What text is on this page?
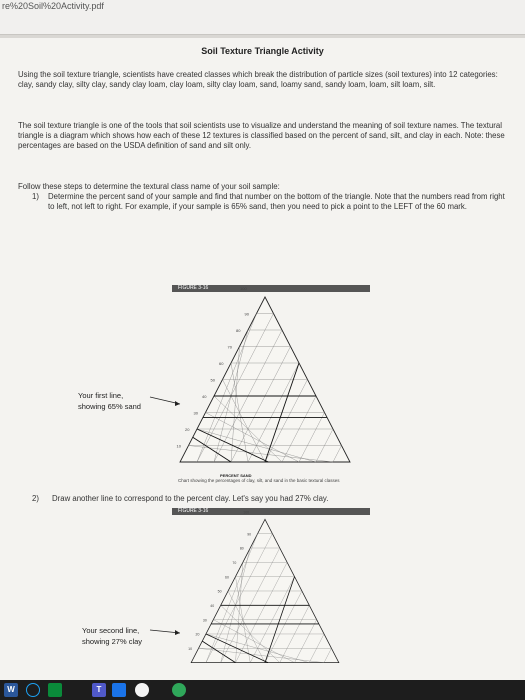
re%20Soil%20Activity.pdf
Soil Texture Triangle Activity
Using the soil texture triangle, scientists have created classes which break the distribution of particle sizes (soil textures) into 12 categories: clay, sandy clay, silty clay, sandy clay loam, clay loam, silty clay loam, sand, loamy sand, sandy loam, loam, silt loam, silt.
The soil texture triangle is one of the tools that soil scientists use to visualize and understand the meaning of soil texture names. The textural triangle is a diagram which shows how each of these 12 textures is classified based on the percent of sand, silt, and clay in each. Note: these percentages are based on the USDA definition of sand and silt only.
Follow these steps to determine the textural class name of your soil sample:
1) Determine the percent sand of your sample and find that number on the bottom of the triangle. Note that the numbers read from right to left, not left to right. For example, if your sample is 65% sand, then you need to pick a point to the LEFT of the 60 mark.
FIGURE 3-16
90
80
70
60
50
40
30
20
10
100
PERCENT SAND
Your first line,
showing 65% sand
Chart showing the percentages of clay, silt, and sand in the basic textural classes
2) Draw another line to correspond to the percent clay. Let's say you had 27% clay.
FIGURE 3-16
90
80
70
60
50
40
30
20
10
100
Your second line,
showing 27% clay
W	T
